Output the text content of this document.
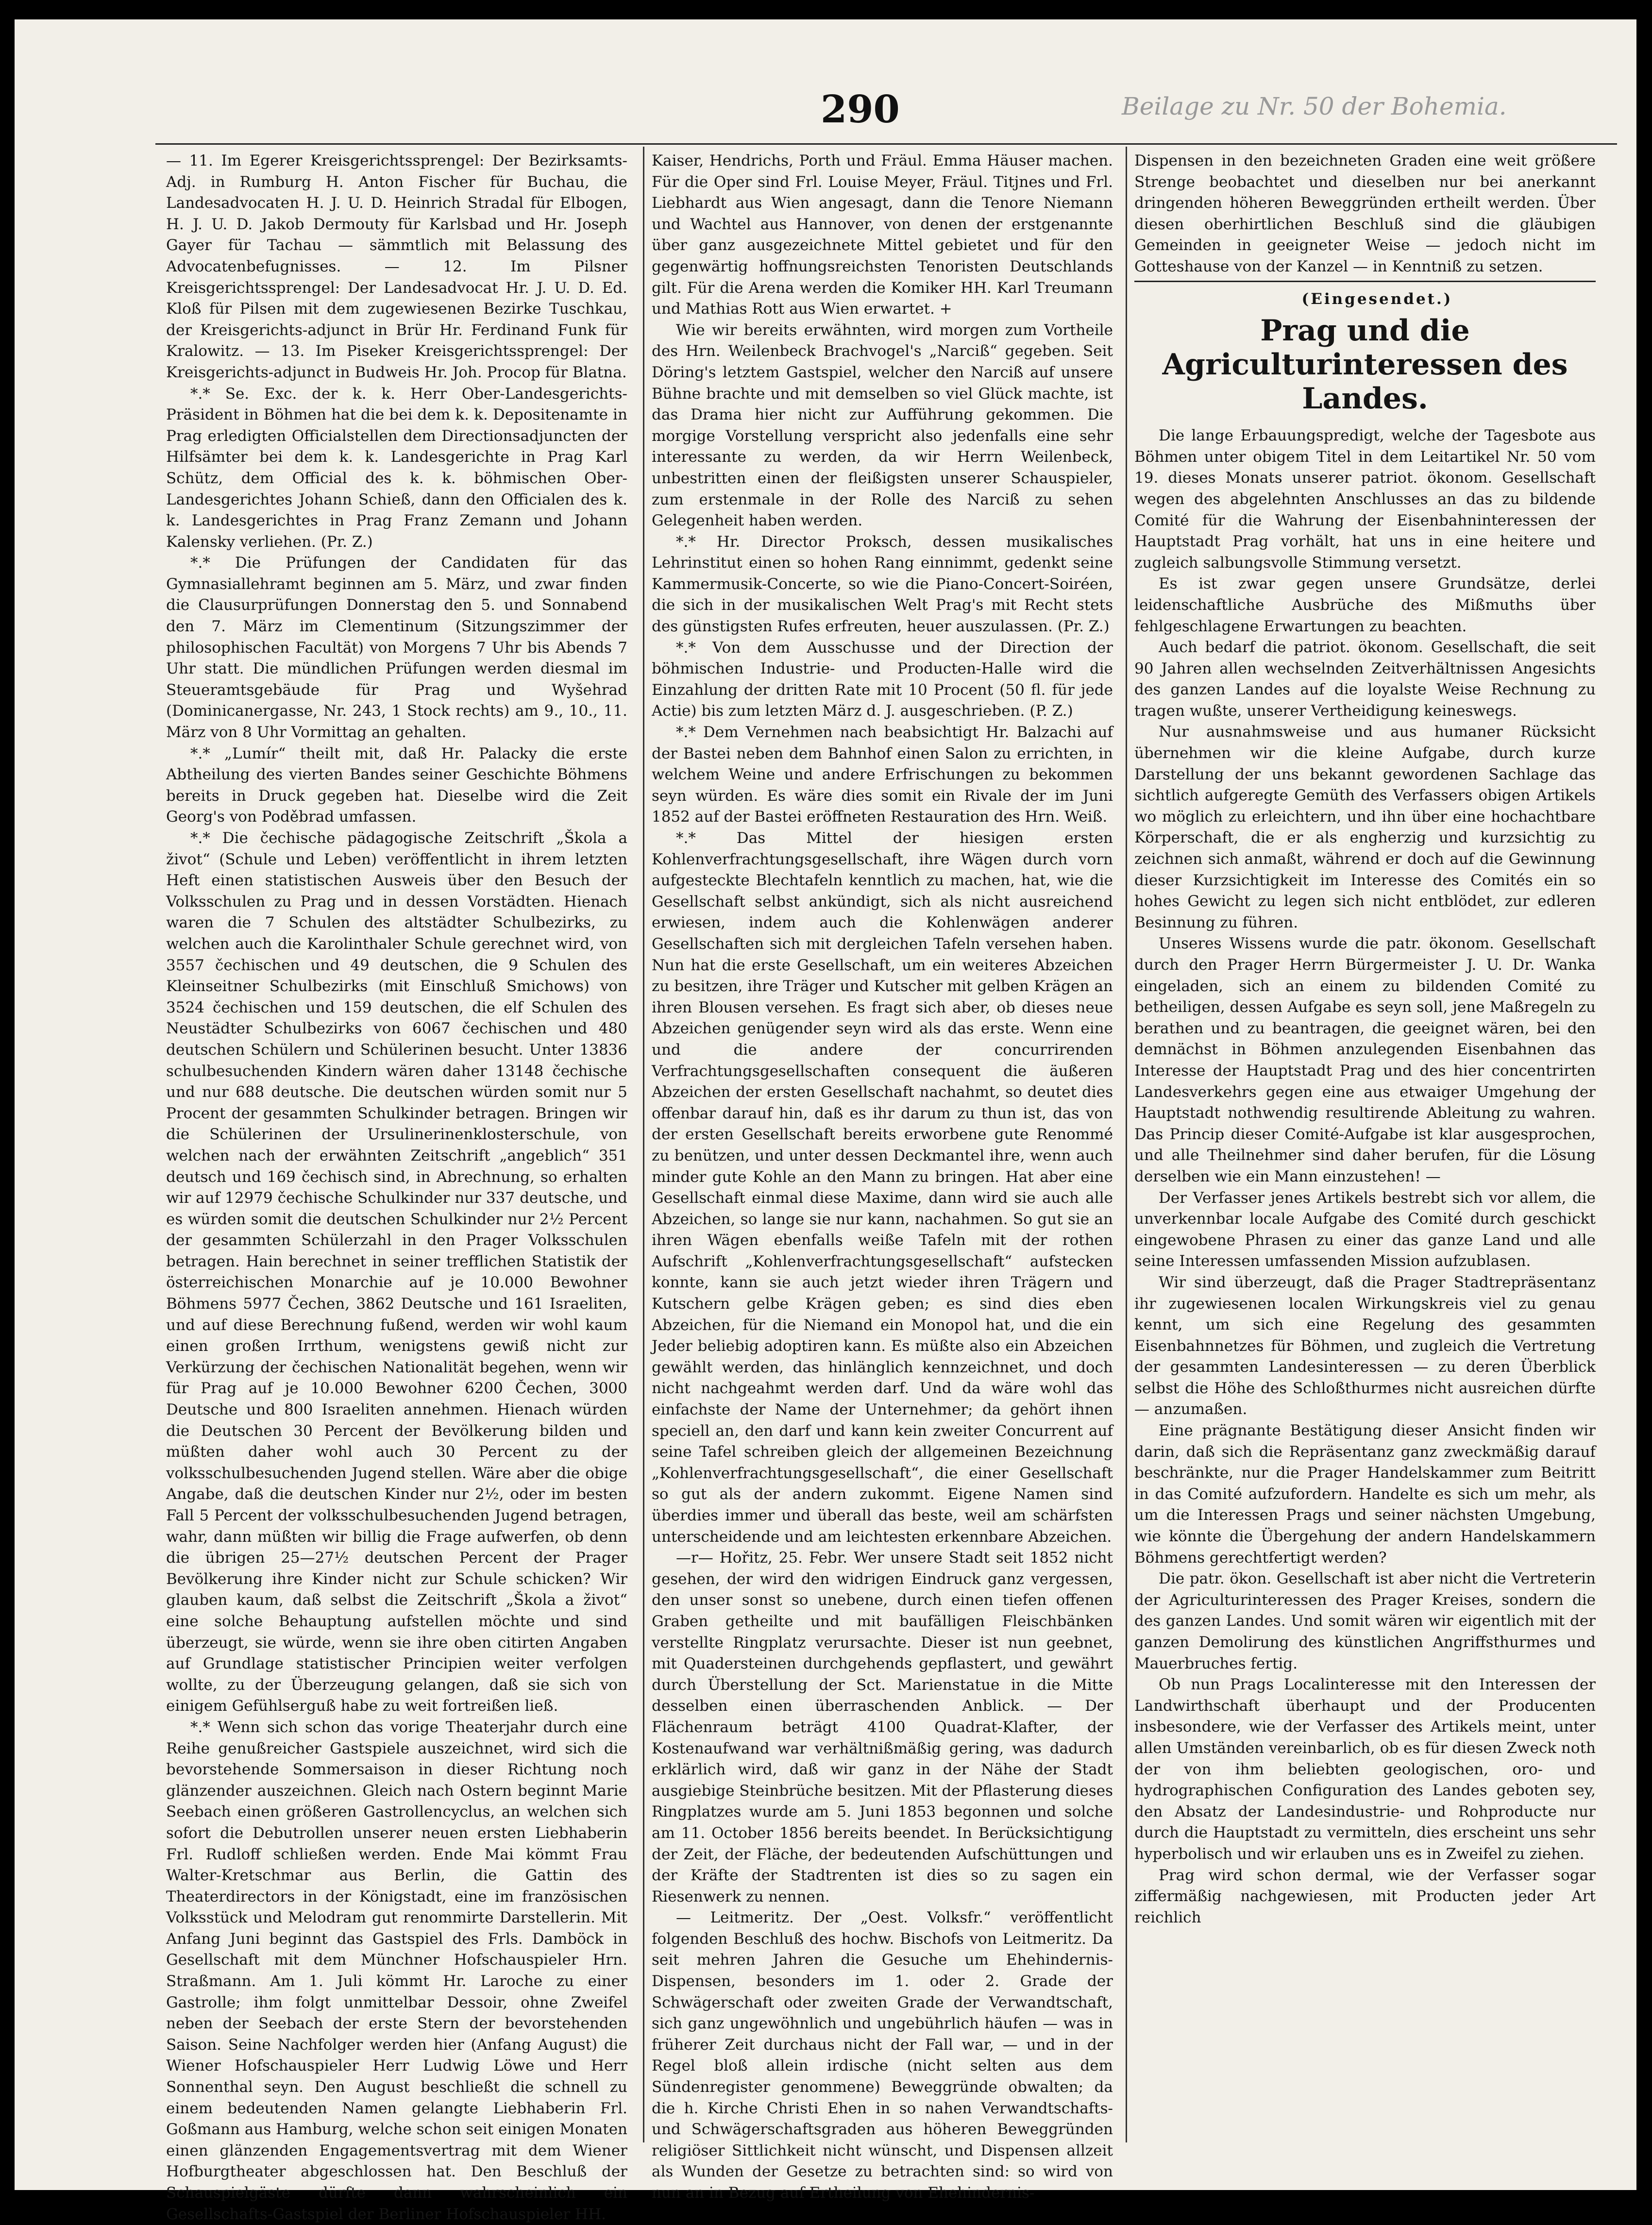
290	Beilage zu Nr. 50 der Bohemia.

— 11. Im Egerer Kreisgerichtssprengel: Der Bezirksamts-Adj. in Rumburg H. Anton Fischer für Buchau, die Landesadvocaten H. J. U. D. Heinrich Stradal für Elbogen, H. J. U. D. Jakob Dermouty für Karlsbad und Hr. Joseph Gayer für Tachau — sämmtlich mit Belassung des Advocatenbefugnisses. — 12. Im Pilsner Kreisgerichtssprengel: Der Landesadvocat Hr. J. U. D. Ed. Kloß für Pilsen mit dem zugewiesenen Bezirke Tuschkau, der Kreisgerichts-adjunct in Brür Hr. Ferdinand Funk für Kralowitz. — 13. Im Piseker Kreisgerichtssprengel: Der Kreisgerichts-adjunct in Budweis Hr. Joh. Procop für Blatna.

*.* Se. Exc. der k. k. Herr Ober-Landesgerichts-Präsident in Böhmen hat die bei dem k. k. Depositenamte in Prag erledigten Officialstellen dem Directionsadjuncten der Hilfsämter bei dem k. k. Landesgerichte in Prag Karl Schütz, dem Official des k. k. böhmischen Ober-Landesgerichtes Johann Schieß, dann den Officialen des k. k. Landesgerichtes in Prag Franz Zemann und Johann Kalensky verliehen. (Pr. Z.)

*.* Die Prüfungen der Candidaten für das Gymnasiallehramt beginnen am 5. März, und zwar finden die Clausurprüfungen Donnerstag den 5. und Sonnabend den 7. März im Clementinum (Sitzungszimmer der philosophischen Facultät) von Morgens 7 Uhr bis Abends 7 Uhr statt. Die mündlichen Prüfungen werden diesmal im Steueramtsgebäude für Prag und Wyšehrad (Dominicanergasse, Nr. 243, 1 Stock rechts) am 9., 10., 11. März von 8 Uhr Vormittag an gehalten.

*.* „Lumír“ theilt mit, daß Hr. Palacky die erste Abtheilung des vierten Bandes seiner Geschichte Böhmens bereits in Druck gegeben hat. Dieselbe wird die Zeit Georg's von Poděbrad umfassen.

*.* Die čechische pädagogische Zeitschrift „Škola a život“ (Schule und Leben) veröffentlicht in ihrem letzten Heft einen statistischen Ausweis über den Besuch der Volksschulen zu Prag und in dessen Vorstädten. Hienach waren die 7 Schulen des altstädter Schulbezirks, zu welchen auch die Karolinthaler Schule gerechnet wird, von 3557 čechischen und 49 deutschen, die 9 Schulen des Kleinseitner Schulbezirks (mit Einschluß Smichows) von 3524 čechischen und 159 deutschen, die elf Schulen des Neustädter Schulbezirks von 6067 čechischen und 480 deutschen Schülern und Schülerinen besucht. Unter 13836 schulbesuchenden Kindern wären daher 13148 čechische und nur 688 deutsche. Die deutschen würden somit nur 5 Procent der gesammten Schulkinder betragen. Bringen wir die Schülerinen der Ursulinerinenklosterschule, von welchen nach der erwähnten Zeitschrift „angeblich“ 351 deutsch und 169 čechisch sind, in Abrechnung, so erhalten wir auf 12979 čechische Schulkinder nur 337 deutsche, und es würden somit die deutschen Schulkinder nur 2½ Percent der gesammten Schülerzahl in den Prager Volksschulen betragen. Hain berechnet in seiner trefflichen Statistik der österreichischen Monarchie auf je 10.000 Bewohner Böhmens 5977 Čechen, 3862 Deutsche und 161 Israeliten, und auf diese Berechnung fußend, werden wir wohl kaum einen großen Irrthum, wenigstens gewiß nicht zur Verkürzung der čechischen Nationalität begehen, wenn wir für Prag auf je 10.000 Bewohner 6200 Čechen, 3000 Deutsche und 800 Israeliten annehmen. Hienach würden die Deutschen 30 Percent der Bevölkerung bilden und müßten daher wohl auch 30 Percent zu der volksschulbesuchenden Jugend stellen. Wäre aber die obige Angabe, daß die deutschen Kinder nur 2½, oder im besten Fall 5 Percent der volksschulbesuchenden Jugend betragen, wahr, dann müßten wir billig die Frage aufwerfen, ob denn die übrigen 25—27½ deutschen Percent der Prager Bevölkerung ihre Kinder nicht zur Schule schicken? Wir glauben kaum, daß selbst die Zeitschrift „Škola a život“ eine solche Behauptung aufstellen möchte und sind überzeugt, sie würde, wenn sie ihre oben citirten Angaben auf Grundlage statistischer Principien weiter verfolgen wollte, zu der Überzeugung gelangen, daß sie sich von einigem Gefühlserguß habe zu weit fortreißen ließ.

*.* Wenn sich schon das vorige Theaterjahr durch eine Reihe genußreicher Gastspiele auszeichnet, wird sich die bevorstehende Sommersaison in dieser Richtung noch glänzender auszeichnen. Gleich nach Ostern beginnt Marie Seebach einen größeren Gastrollencyclus, an welchen sich sofort die Debutrollen unserer neuen ersten Liebhaberin Frl. Rudloff schließen werden. Ende Mai kömmt Frau Walter-Kretschmar aus Berlin, die Gattin des Theaterdirectors in der Königstadt, eine im französischen Volksstück und Melodram gut renommirte Darstellerin. Mit Anfang Juni beginnt das Gastspiel des Frls. Damböck in Gesellschaft mit dem Münchner Hofschauspieler Hrn. Straßmann. Am 1. Juli kömmt Hr. Laroche zu einer Gastrolle; ihm folgt unmittelbar Dessoir, ohne Zweifel neben der Seebach der erste Stern der bevorstehenden Saison. Seine Nachfolger werden hier (Anfang August) die Wiener Hofschauspieler Herr Ludwig Löwe und Herr Sonnenthal seyn. Den August beschließt die schnell zu einem bedeutenden Namen gelangte Liebhaberin Frl. Goßmann aus Hamburg, welche schon seit einigen Monaten einen glänzenden Engagementsvertrag mit dem Wiener Hofburgtheater abgeschlossen hat. Den Beschluß der Schauspielgäste dürfte dann wahrscheinlich ein Gesellschafts-Gastspiel der Berliner Hofschauspieler HH.

Kaiser, Hendrichs, Porth und Fräul. Emma Häuser machen. Für die Oper sind Frl. Louise Meyer, Fräul. Titjnes und Frl. Liebhardt aus Wien angesagt, dann die Tenore Niemann und Wachtel aus Hannover, von denen der erstgenannte über ganz ausgezeichnete Mittel gebietet und für den gegenwärtig hoffnungsreichsten Tenoristen Deutschlands gilt. Für die Arena werden die Komiker HH. Karl Treumann und Mathias Rott aus Wien erwartet. +

Wie wir bereits erwähnten, wird morgen zum Vortheile des Hrn. Weilenbeck Brachvogel's „Narciß“ gegeben. Seit Döring's letztem Gastspiel, welcher den Narciß auf unsere Bühne brachte und mit demselben so viel Glück machte, ist das Drama hier nicht zur Aufführung gekommen. Die morgige Vorstellung verspricht also jedenfalls eine sehr interessante zu werden, da wir Herrn Weilenbeck, unbestritten einen der fleißigsten unserer Schauspieler, zum erstenmale in der Rolle des Narciß zu sehen Gelegenheit haben werden.

*.* Hr. Director Proksch, dessen musikalisches Lehrinstitut einen so hohen Rang einnimmt, gedenkt seine Kammermusik-Concerte, so wie die Piano-Concert-Soiréen, die sich in der musikalischen Welt Prag's mit Recht stets des günstigsten Rufes erfreuten, heuer auszulassen. (Pr. Z.)

*.* Von dem Ausschusse und der Direction der böhmischen Industrie- und Producten-Halle wird die Einzahlung der dritten Rate mit 10 Procent (50 fl. für jede Actie) bis zum letzten März d. J. ausgeschrieben. (P. Z.)

*.* Dem Vernehmen nach beabsichtigt Hr. Balzachi auf der Bastei neben dem Bahnhof einen Salon zu errichten, in welchem Weine und andere Erfrischungen zu bekommen seyn würden. Es wäre dies somit ein Rivale der im Juni 1852 auf der Bastei eröffneten Restauration des Hrn. Weiß.

*.* Das Mittel der hiesigen ersten Kohlenverfrachtungsgesellschaft, ihre Wägen durch vorn aufgesteckte Blechtafeln kenntlich zu machen, hat, wie die Gesellschaft selbst ankündigt, sich als nicht ausreichend erwiesen, indem auch die Kohlenwägen anderer Gesellschaften sich mit dergleichen Tafeln versehen haben. Nun hat die erste Gesellschaft, um ein weiteres Abzeichen zu besitzen, ihre Träger und Kutscher mit gelben Krägen an ihren Blousen versehen. Es fragt sich aber, ob dieses neue Abzeichen genügender seyn wird als das erste. Wenn eine und die andere der concurrirenden Verfrachtungsgesellschaften consequent die äußeren Abzeichen der ersten Gesellschaft nachahmt, so deutet dies offenbar darauf hin, daß es ihr darum zu thun ist, das von der ersten Gesellschaft bereits erworbene gute Renommé zu benützen, und unter dessen Deckmantel ihre, wenn auch minder gute Kohle an den Mann zu bringen. Hat aber eine Gesellschaft einmal diese Maxime, dann wird sie auch alle Abzeichen, so lange sie nur kann, nachahmen. So gut sie an ihren Wägen ebenfalls weiße Tafeln mit der rothen Aufschrift „Kohlenverfrachtungsgesellschaft“ aufstecken konnte, kann sie auch jetzt wieder ihren Trägern und Kutschern gelbe Krägen geben; es sind dies eben Abzeichen, für die Niemand ein Monopol hat, und die ein Jeder beliebig adoptiren kann. Es müßte also ein Abzeichen gewählt werden, das hinlänglich kennzeichnet, und doch nicht nachgeahmt werden darf. Und da wäre wohl das einfachste der Name der Unternehmer; da gehört ihnen speciell an, den darf und kann kein zweiter Concurrent auf seine Tafel schreiben gleich der allgemeinen Bezeichnung „Kohlenverfrachtungsgesellschaft“, die einer Gesellschaft so gut als der andern zukommt. Eigene Namen sind überdies immer und überall das beste, weil am schärfsten unterscheidende und am leichtesten erkennbare Abzeichen.

—r— Hořitz, 25. Febr. Wer unsere Stadt seit 1852 nicht gesehen, der wird den widrigen Eindruck ganz vergessen, den unser sonst so unebene, durch einen tiefen offenen Graben getheilte und mit baufälligen Fleischbänken verstellte Ringplatz verursachte. Dieser ist nun geebnet, mit Quadersteinen durchgehends gepflastert, und gewährt durch Überstellung der Sct. Marienstatue in die Mitte desselben einen überraschenden Anblick. — Der Flächenraum beträgt 4100 Quadrat-Klafter, der Kostenaufwand war verhältnißmäßig gering, was dadurch erklärlich wird, daß wir ganz in der Nähe der Stadt ausgiebige Steinbrüche besitzen. Mit der Pflasterung dieses Ringplatzes wurde am 5. Juni 1853 begonnen und solche am 11. October 1856 bereits beendet. In Berücksichtigung der Zeit, der Fläche, der bedeutenden Aufschüttungen und der Kräfte der Stadtrenten ist dies so zu sagen ein Riesenwerk zu nennen.

— Leitmeritz. Der „Oest. Volksfr.“ veröffentlicht folgenden Beschluß des hochw. Bischofs von Leitmeritz. Da seit mehren Jahren die Gesuche um Ehehindernis-Dispensen, besonders im 1. oder 2. Grade der Schwägerschaft oder zweiten Grade der Verwandtschaft, sich ganz ungewöhnlich und ungebührlich häufen — was in früherer Zeit durchaus nicht der Fall war, — und in der Regel bloß allein irdische (nicht selten aus dem Sündenregister genommene) Beweggründe obwalten; da die h. Kirche Christi Ehen in so nahen Verwandtschafts- und Schwägerschaftsgraden aus höheren Beweggründen religiöser Sittlichkeit nicht wünscht, und Dispensen allzeit als Wunden der Gesetze zu betrachten sind: so wird von nun an in Bezug auf Ertheilung von Ehehindernis-

Dispensen in den bezeichneten Graden eine weit größere Strenge beobachtet und dieselben nur bei anerkannt dringenden höheren Beweggründen ertheilt werden. Über diesen oberhirtlichen Beschluß sind die gläubigen Gemeinden in geeigneter Weise — jedoch nicht im Gotteshause von der Kanzel — in Kenntniß zu setzen.

(Eingesendet.)

Prag und die Agriculturinteressen des Landes.

Die lange Erbauungspredigt, welche der Tagesbote aus Böhmen unter obigem Titel in dem Leitartikel Nr. 50 vom 19. dieses Monats unserer patriot. ökonom. Gesellschaft wegen des abgelehnten Anschlusses an das zu bildende Comité für die Wahrung der Eisenbahninteressen der Hauptstadt Prag vorhält, hat uns in eine heitere und zugleich salbungsvolle Stimmung versetzt.

Es ist zwar gegen unsere Grundsätze, derlei leidenschaftliche Ausbrüche des Mißmuths über fehlgeschlagene Erwartungen zu beachten.

Auch bedarf die patriot. ökonom. Gesellschaft, die seit 90 Jahren allen wechselnden Zeitverhältnissen Angesichts des ganzen Landes auf die loyalste Weise Rechnung zu tragen wußte, unserer Vertheidigung keineswegs.

Nur ausnahmsweise und aus humaner Rücksicht übernehmen wir die kleine Aufgabe, durch kurze Darstellung der uns bekannt gewordenen Sachlage das sichtlich aufgeregte Gemüth des Verfassers obigen Artikels wo möglich zu erleichtern, und ihn über eine hochachtbare Körperschaft, die er als engherzig und kurzsichtig zu zeichnen sich anmaßt, während er doch auf die Gewinnung dieser Kurzsichtigkeit im Interesse des Comités ein so hohes Gewicht zu legen sich nicht entblödet, zur edleren Besinnung zu führen.

Unseres Wissens wurde die patr. ökonom. Gesellschaft durch den Prager Herrn Bürgermeister J. U. Dr. Wanka eingeladen, sich an einem zu bildenden Comité zu betheiligen, dessen Aufgabe es seyn soll, jene Maßregeln zu berathen und zu beantragen, die geeignet wären, bei den demnächst in Böhmen anzulegenden Eisenbahnen das Interesse der Hauptstadt Prag und des hier concentrirten Landesverkehrs gegen eine aus etwaiger Umgehung der Hauptstadt nothwendig resultirende Ableitung zu wahren. Das Princip dieser Comité-Aufgabe ist klar ausgesprochen, und alle Theilnehmer sind daher berufen, für die Lösung derselben wie ein Mann einzustehen! —

Der Verfasser jenes Artikels bestrebt sich vor allem, die unverkennbar locale Aufgabe des Comité durch geschickt eingewobene Phrasen zu einer das ganze Land und alle seine Interessen umfassenden Mission aufzublasen.

Wir sind überzeugt, daß die Prager Stadtrepräsentanz ihr zugewiesenen localen Wirkungskreis viel zu genau kennt, um sich eine Regelung des gesammten Eisenbahnnetzes für Böhmen, und zugleich die Vertretung der gesammten Landesinteressen — zu deren Überblick selbst die Höhe des Schloßthurmes nicht ausreichen dürfte — anzumaßen.

Eine prägnante Bestätigung dieser Ansicht finden wir darin, daß sich die Repräsentanz ganz zweckmäßig darauf beschränkte, nur die Prager Handelskammer zum Beitritt in das Comité aufzufordern. Handelte es sich um mehr, als um die Interessen Prags und seiner nächsten Umgebung, wie könnte die Übergehung der andern Handelskammern Böhmens gerechtfertigt werden?

Die patr. ökon. Gesellschaft ist aber nicht die Vertreterin der Agriculturinteressen des Prager Kreises, sondern die des ganzen Landes. Und somit wären wir eigentlich mit der ganzen Demolirung des künstlichen Angriffsthurmes und Mauerbruches fertig.

Ob nun Prags Localinteresse mit den Interessen der Landwirthschaft überhaupt und der Producenten insbesondere, wie der Verfasser des Artikels meint, unter allen Umständen vereinbarlich, ob es für diesen Zweck noth der von ihm beliebten geologischen, oro- und hydrographischen Configuration des Landes geboten sey, den Absatz der Landesindustrie- und Rohproducte nur durch die Hauptstadt zu vermitteln, dies erscheint uns sehr hyperbolisch und wir erlauben uns es in Zweifel zu ziehen.

Prag wird schon dermal, wie der Verfasser sogar ziffermäßig nachgewiesen, mit Producten jeder Art reichlich
